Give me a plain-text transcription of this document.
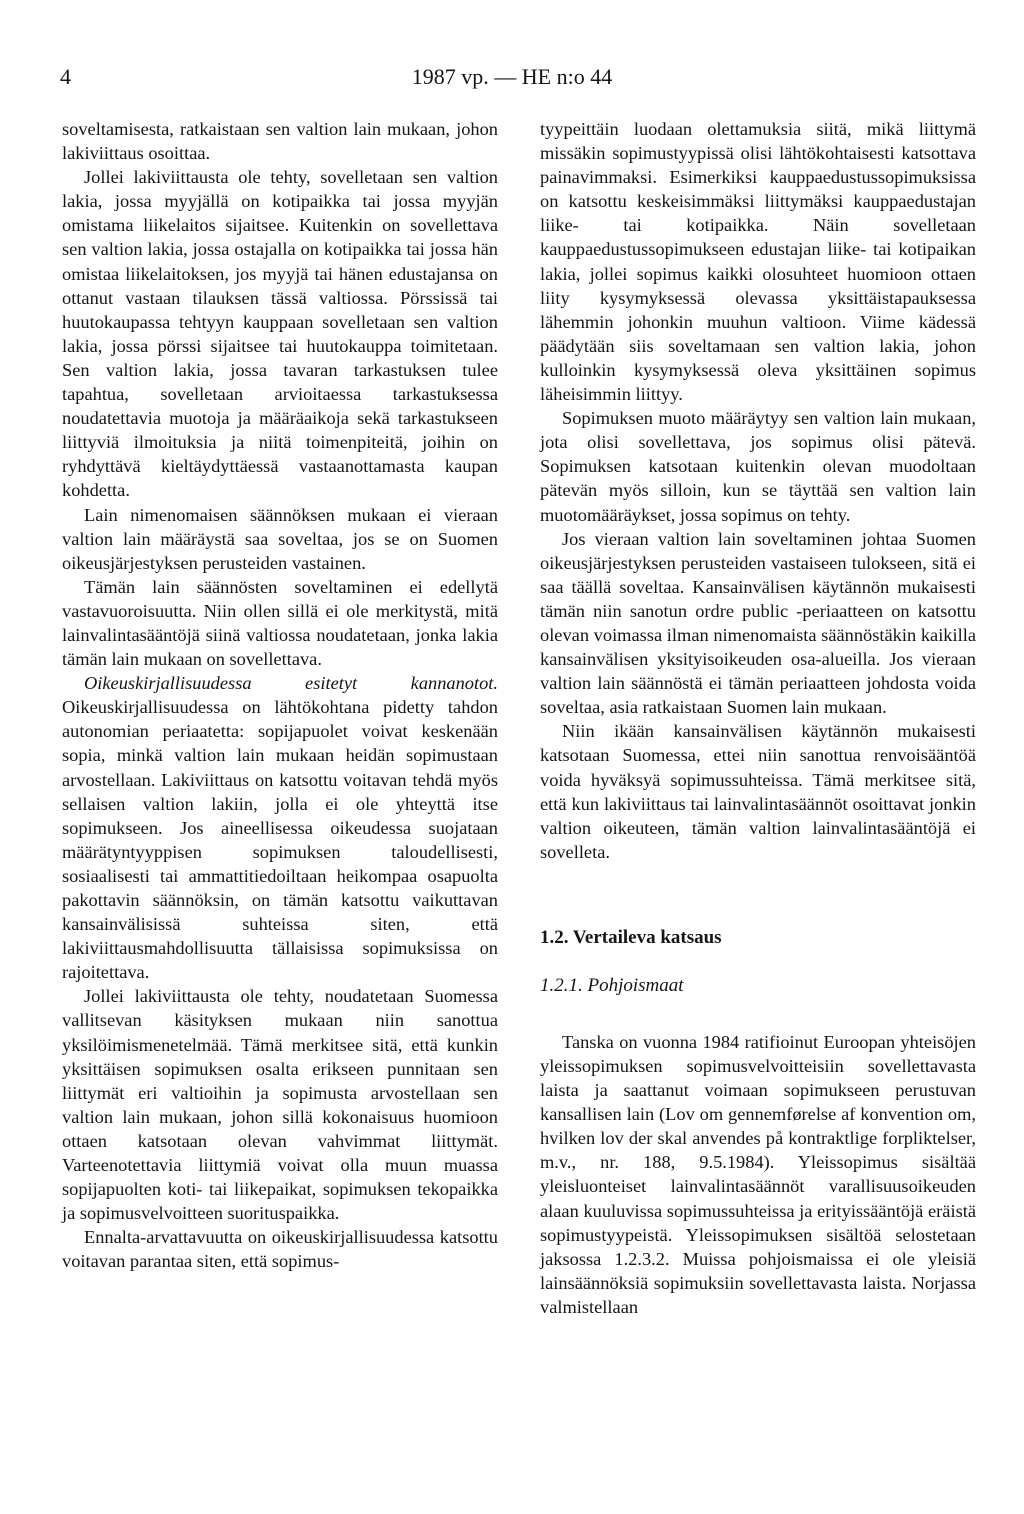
4	1987 vp. — HE n:o 44

soveltamisesta, ratkaistaan sen valtion lain mukaan, johon lakiviittaus osoittaa.

Jollei lakiviittausta ole tehty, sovelletaan sen valtion lakia, jossa myyjällä on kotipaikka tai jossa myyjän omistama liikelaitos sijaitsee. Kuitenkin on sovellettava sen valtion lakia, jossa ostajalla on kotipaikka tai jossa hän omistaa liikelaitoksen, jos myyjä tai hänen edustajansa on ottanut vastaan tilauksen tässä valtiossa. Pörssissä tai huutokaupassa tehtyyn kauppaan sovelletaan sen valtion lakia, jossa pörssi sijaitsee tai huutokauppa toimitetaan. Sen valtion lakia, jossa tavaran tarkastuksen tulee tapahtua, sovelletaan arvioitaessa tarkastuksessa noudatettavia muotoja ja määräaikoja sekä tarkastukseen liittyviä ilmoituksia ja niitä toimenpiteitä, joihin on ryhdyttävä kieltäydyttäessä vastaanottamasta kaupan kohdetta.

Lain nimenomaisen säännöksen mukaan ei vieraan valtion lain määräystä saa soveltaa, jos se on Suomen oikeusjärjestyksen perusteiden vastainen.

Tämän lain säännösten soveltaminen ei edellytä vastavuoroisuutta. Niin ollen sillä ei ole merkitystä, mitä lainvalintasääntöjä siinä valtiossa noudatetaan, jonka lakia tämän lain mukaan on sovellettava.

Oikeuskirjallisuudessa esitetyt kannanotot. Oikeuskirjallisuudessa on lähtökohtana pidetty tahdon autonomian periaatetta: sopijapuolet voivat keskenään sopia, minkä valtion lain mukaan heidän sopimustaan arvostellaan. Lakiviittaus on katsottu voitavan tehdä myös sellaisen valtion lakiin, jolla ei ole yhteyttä itse sopimukseen. Jos aineellisessa oikeudessa suojataan määrätyntyyppisen sopimuksen taloudellisesti, sosiaalisesti tai ammattitiedoiltaan heikompaa osapuolta pakottavin säännöksin, on tämän katsottu vaikuttavan kansainvälisissä suhteissa siten, että lakiviittausmahdollisuutta tällaisissa sopimuksissa on rajoitettava.

Jollei lakiviittausta ole tehty, noudatetaan Suomessa vallitsevan käsityksen mukaan niin sanottua yksilöimismenetelmää. Tämä merkitsee sitä, että kunkin yksittäisen sopimuksen osalta erikseen punnitaan sen liittymät eri valtioihin ja sopimusta arvostellaan sen valtion lain mukaan, johon sillä kokonaisuus huomioon ottaen katsotaan olevan vahvimmat liittymät. Varteenotettavia liittymiä voivat olla muun muassa sopijapuolten koti- tai liikepaikat, sopimuksen tekopaikka ja sopimusvelvoitteen suorituspaikka.

Ennalta-arvattavuutta on oikeuskirjallisuudessa katsottu voitavan parantaa siten, että sopimus-

tyypeittäin luodaan olettamuksia siitä, mikä liittymä missäkin sopimustyypissä olisi lähtökohtaisesti katsottava painavimmaksi. Esimerkiksi kauppaedustussopimuksissa on katsottu keskeisimmäksi liittymäksi kauppaedustajan liike- tai kotipaikka. Näin sovelletaan kauppaedustussopimukseen edustajan liike- tai kotipaikan lakia, jollei sopimus kaikki olosuhteet huomioon ottaen liity kysymyksessä olevassa yksittäistapauksessa lähemmin johonkin muuhun valtioon. Viime kädessä päädytään siis soveltamaan sen valtion lakia, johon kulloinkin kysymyksessä oleva yksittäinen sopimus läheisimmin liittyy.

Sopimuksen muoto määräytyy sen valtion lain mukaan, jota olisi sovellettava, jos sopimus olisi pätevä. Sopimuksen katsotaan kuitenkin olevan muodoltaan pätevän myös silloin, kun se täyttää sen valtion lain muotomääräykset, jossa sopimus on tehty.

Jos vieraan valtion lain soveltaminen johtaa Suomen oikeusjärjestyksen perusteiden vastaiseen tulokseen, sitä ei saa täällä soveltaa. Kansainvälisen käytännön mukaisesti tämän niin sanotun ordre public -periaatteen on katsottu olevan voimassa ilman nimenomaista säännöstäkin kaikilla kansainvälisen yksityisoikeuden osa-alueilla. Jos vieraan valtion lain säännöstä ei tämän periaatteen johdosta voida soveltaa, asia ratkaistaan Suomen lain mukaan.

Niin ikään kansainvälisen käytännön mukaisesti katsotaan Suomessa, ettei niin sanottua renvoisääntöä voida hyväksyä sopimussuhteissa. Tämä merkitsee sitä, että kun lakiviittaus tai lainvalintasäännöt osoittavat jonkin valtion oikeuteen, tämän valtion lainvalintasääntöjä ei sovelleta.

1.2. Vertaileva katsaus
1.2.1. Pohjoismaat

Tanska on vuonna 1984 ratifioinut Euroopan yhteisöjen yleissopimuksen sopimusvelvoitteisiin sovellettavasta laista ja saattanut voimaan sopimukseen perustuvan kansallisen lain (Lov om gennemførelse af konvention om, hvilken lov der skal anvendes på kontraktlige forpliktelser, m.v., nr. 188, 9.5.1984). Yleissopimus sisältää yleisluonteiset lainvalintasäännöt varallisuusoikeuden alaan kuuluvissa sopimussuhteissa ja erityissääntöjä eräistä sopimustyypeistä. Yleissopimuksen sisältöä selostetaan jaksossa 1.2.3.2. Muissa pohjoismaissa ei ole yleisiä lainsäännöksiä sopimuksiin sovellettavasta laista. Norjassa valmistellaan
